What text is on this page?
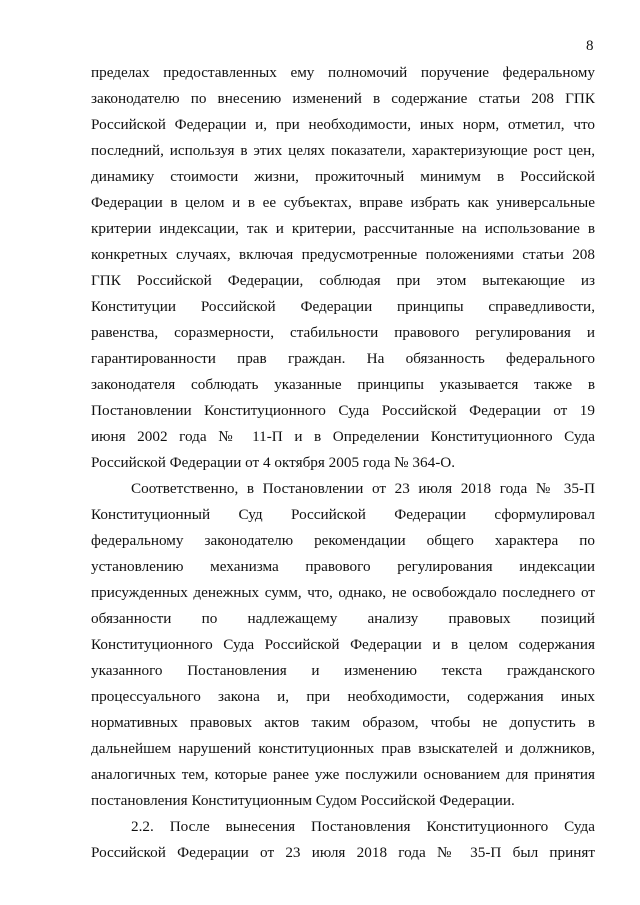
8
пределах предоставленных ему полномочий поручение федеральному
законодателю по внесению изменений в содержание статьи 208 ГПК
Российской Федерации и, при необходимости, иных норм, отметил, что
последний, используя в этих целях показатели, характеризующие рост цен,
динамику стоимости жизни, прожиточный минимум в Российской
Федерации в целом и в ее субъектах, вправе избрать как универсальные
критерии индексации, так и критерии, рассчитанные на использование в
конкретных случаях, включая предусмотренные положениями статьи 208
ГПК Российской Федерации, соблюдая при этом вытекающие из
Конституции Российской Федерации принципы справедливости,
равенства, соразмерности, стабильности правового регулирования и
гарантированности прав граждан. На обязанность федерального
законодателя соблюдать указанные принципы указывается также в
Постановлении Конституционного Суда Российской Федерации от 19
июня 2002 года № 11-П и в Определении Конституционного Суда
Российской Федерации от 4 октября 2005 года № 364-О.
Соответственно, в Постановлении от 23 июля 2018 года № 35-П
Конституционный Суд Российской Федерации сформулировал
федеральному законодателю рекомендации общего характера по
установлению механизма правового регулирования индексации
присужденных денежных сумм, что, однако, не освобождало последнего от
обязанности по надлежащему анализу правовых позиций
Конституционного Суда Российской Федерации и в целом содержания
указанного Постановления и изменению текста гражданского
процессуального закона и, при необходимости, содержания иных
нормативных правовых актов таким образом, чтобы не допустить в
дальнейшем нарушений конституционных прав взыскателей и должников,
аналогичных тем, которые ранее уже послужили основанием для принятия
постановления Конституционным Судом Российской Федерации.
2.2. После вынесения Постановления Конституционного Суда
Российской Федерации от 23 июля 2018 года № 35-П был принят
